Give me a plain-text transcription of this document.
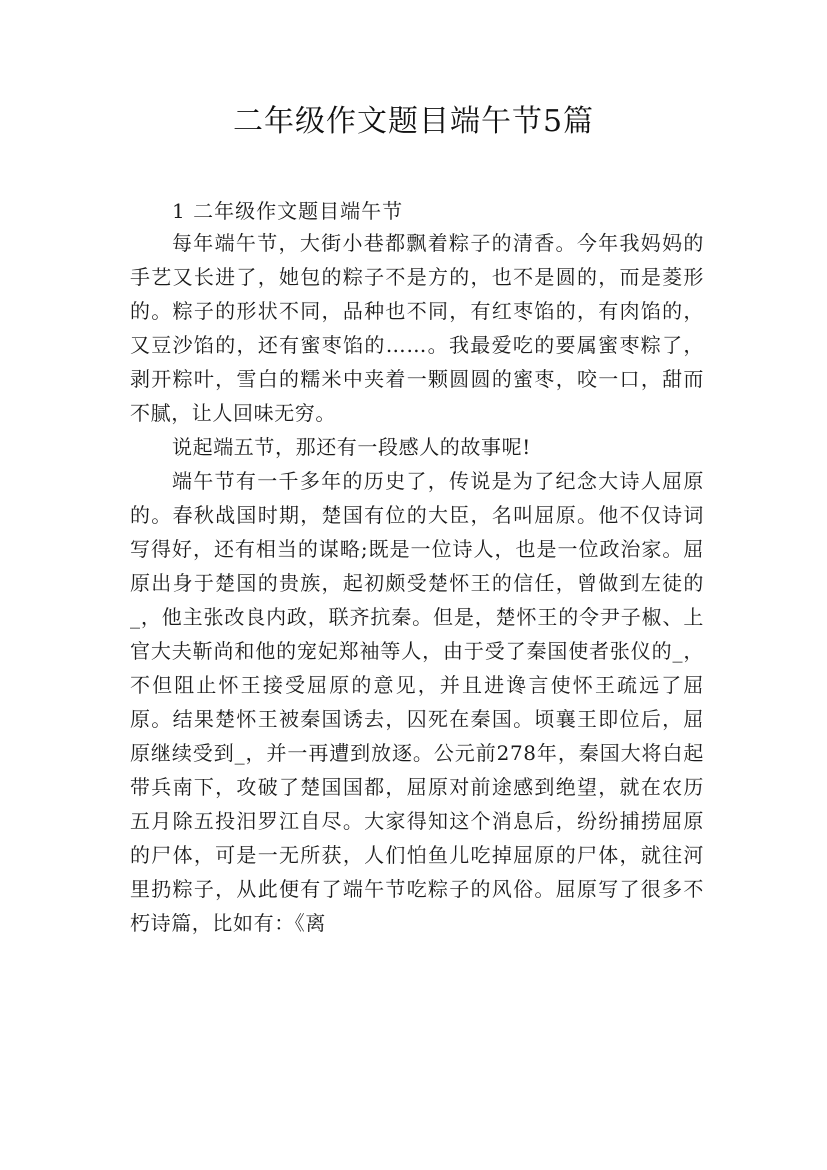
二年级作文题目端午节5篇
1 二年级作文题目端午节

每年端午节，大街小巷都飘着粽子的清香。今年我妈妈的手艺又长进了，她包的粽子不是方的，也不是圆的，而是菱形的。粽子的形状不同，品种也不同，有红枣馅的，有肉馅的，又豆沙馅的，还有蜜枣馅的……。我最爱吃的要属蜜枣粽了，剥开粽叶，雪白的糯米中夹着一颗圆圆的蜜枣，咬一口，甜而不腻，让人回味无穷。

说起端五节，那还有一段感人的故事呢!

端午节有一千多年的历史了，传说是为了纪念大诗人屈原的。春秋战国时期，楚国有位的大臣，名叫屈原。他不仅诗词写得好，还有相当的谋略;既是一位诗人，也是一位政治家。屈原出身于楚国的贵族，起初颇受楚怀王的信任，曾做到左徒的_，他主张改良内政，联齐抗秦。但是，楚怀王的令尹子椒、上官大夫靳尚和他的宠妃郑袖等人，由于受了秦国使者张仪的_，不但阻止怀王接受屈原的意见，并且进谗言使怀王疏远了屈原。结果楚怀王被秦国诱去，囚死在秦国。顷襄王即位后，屈原继续受到_，并一再遭到放逐。公元前278年，秦国大将白起带兵南下，攻破了楚国国都，屈原对前途感到绝望，就在农历五月除五投汨罗江自尽。大家得知这个消息后，纷纷捕捞屈原的尸体，可是一无所获，人们怕鱼儿吃掉屈原的尸体，就往河里扔粽子，从此便有了端午节吃粽子的风俗。屈原写了很多不朽诗篇，比如有：《离
